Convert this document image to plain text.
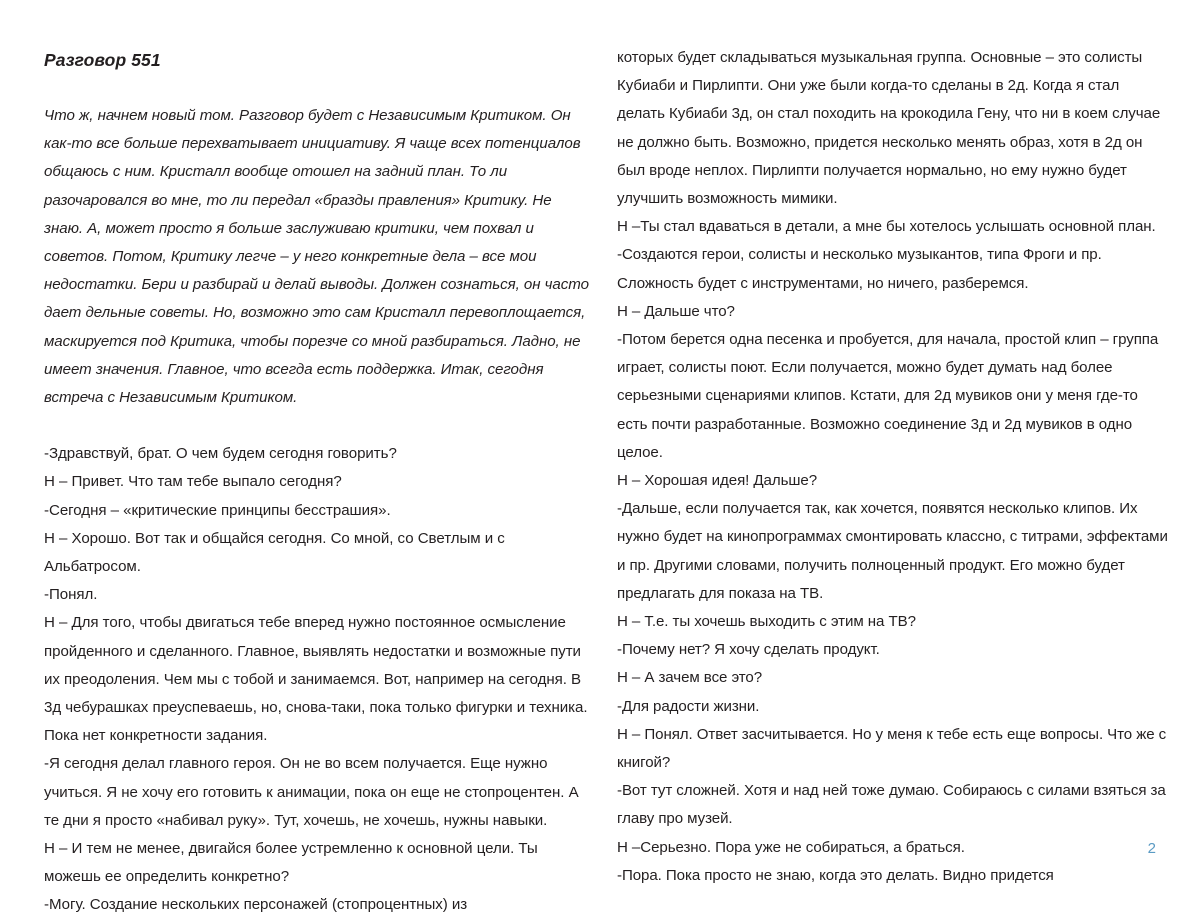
Разговор 551

Что ж, начнем новый том. Разговор будет с Независимым Критиком. Он как-то все больше перехватывает инициативу. Я чаще всех потенциалов общаюсь с ним. Кристалл вообще отошел на задний план. То ли разочаровался во мне, то ли передал «бразды правления» Критику. Не знаю. А, может просто я больше заслуживаю критики, чем похвал и советов. Потом, Критику легче – у него конкретные дела – все мои недостатки. Бери и разбирай и делай выводы. Должен сознаться, он часто дает дельные советы. Но, возможно это сам Кристалл перевоплощается, маскируется под Критика, чтобы порезче со мной разбираться. Ладно, не имеет значения. Главное, что всегда есть поддержка. Итак, сегодня встреча с Независимым Критиком.

-Здравствуй, брат. О чем будем сегодня говорить?

Н – Привет. Что там тебе выпало сегодня?

-Сегодня – «критические принципы бесстрашия».

Н – Хорошо. Вот так и общайся сегодня. Со мной, со Светлым и с Альбатросом.

-Понял.

Н – Для того, чтобы двигаться тебе вперед нужно постоянное осмысление пройденного и сделанного. Главное, выявлять недостатки и возможные пути их преодоления. Чем мы с тобой и занимаемся. Вот, например на сегодня. В 3д чебурашках преуспеваешь, но, снова-таки, пока только фигурки и техника. Пока нет конкретности задания.

-Я сегодня делал главного героя. Он не во всем получается. Еще нужно учиться. Я не хочу его готовить к анимации, пока он еще не стопроцентен. А те дни я просто «набивал руку». Тут, хочешь, не хочешь, нужны навыки.

Н – И тем не менее, двигайся более устремленно к основной цели. Ты можешь ее определить конкретно?

-Могу. Создание нескольких персонажей (стопроцентных) из

которых будет складываться музыкальная группа. Основные – это солисты Кубиаби и Пирлипти. Они уже были когда-то сделаны в 2д. Когда я стал делать Кубиаби 3д, он стал походить на крокодила Гену, что ни в коем случае не должно быть. Возможно, придется несколько менять образ, хотя в 2д он был вроде неплох. Пирлипти получается нормально, но ему нужно будет улучшить возможность мимики.

Н –Ты стал вдаваться в детали, а мне бы хотелось услышать основной план.

-Создаются герои, солисты и несколько музыкантов, типа Фроги и пр. Сложность будет с инструментами, но ничего, разберемся.

Н – Дальше что?

-Потом берется одна песенка и пробуется, для начала, простой клип – группа играет, солисты поют. Если получается, можно будет думать над более серьезными сценариями клипов. Кстати, для 2д мувиков они у меня где-то есть почти разработанные. Возможно соединение 3д и 2д мувиков в одно целое.

Н – Хорошая идея! Дальше?

-Дальше, если получается так, как хочется, появятся несколько клипов. Их нужно будет на кинопрограммах смонтировать классно, с титрами, эффектами и пр. Другими словами, получить полноценный продукт. Его можно будет предлагать для показа на ТВ.

Н – Т.е. ты хочешь выходить с этим на ТВ?

-Почему нет? Я хочу сделать продукт.

Н – А зачем все это?

-Для радости жизни.

Н – Понял. Ответ засчитывается. Но у меня к тебе есть еще вопросы. Что же с книгой?

-Вот тут сложней. Хотя и над ней тоже думаю. Собираюсь с силами взяться за главу про музей.

Н –Серьезно. Пора уже не собираться, а браться.

-Пора. Пока просто не знаю, когда это делать. Видно придется

2
